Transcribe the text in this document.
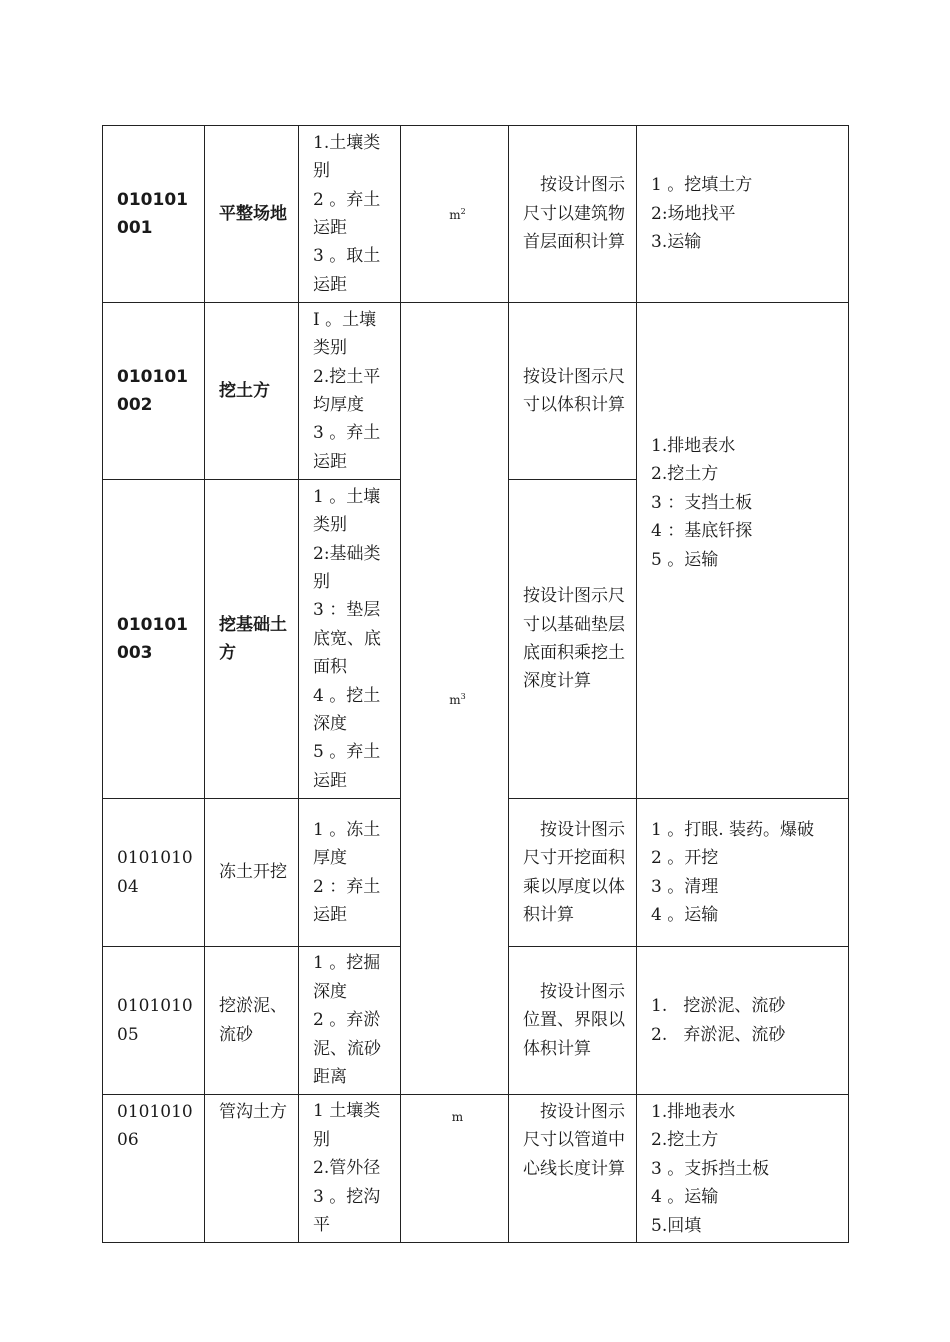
010101001	平整场地	1.土壤类别
2 。弃土运距
3 。取土运距	$m^2$	按设计图示尺寸以建筑物首层面积计算	1 。挖填土方
2:场地找平
3.运输

010101002	挖土方	I 。土壤类别
2.挖土平均厚度
3 。弃土运距	$m^3$	按设计图示尺寸以体积计算	1.排地表水
2.挖土方
3 ：支挡土板
4 ：基底钎探
5 。运输

010101003	挖基础土方	1 。土壤类别
2:基础类别
3 ：垫层底宽、底面积
4 。挖土深度
5 。弃土运距		按设计图示尺寸以基础垫层底面积乘挖土深度计算	

010101004	冻土开挖	1 。冻土厚度
2 ：弃土运距		按设计图示尺寸开挖面积乘以厚度以体积计算	1 。打眼. 装药。爆破
2 。开挖
3 。清理
4 。运输

010101005	挖淤泥、流砂	1 。挖掘深度
2 。弃淤泥、流砂距离		按设计图示位置、界限以体积计算	1.   挖淤泥、流砂
2.   弃淤泥、流砂

010101006	管沟土方	1 土壤类别
2.管外径
3 。挖沟平	m	按设计图示尺寸以管道中心线长度计算	1.排地表水
2.挖土方
3 。支拆挡土板
4 。运输
5.回填
